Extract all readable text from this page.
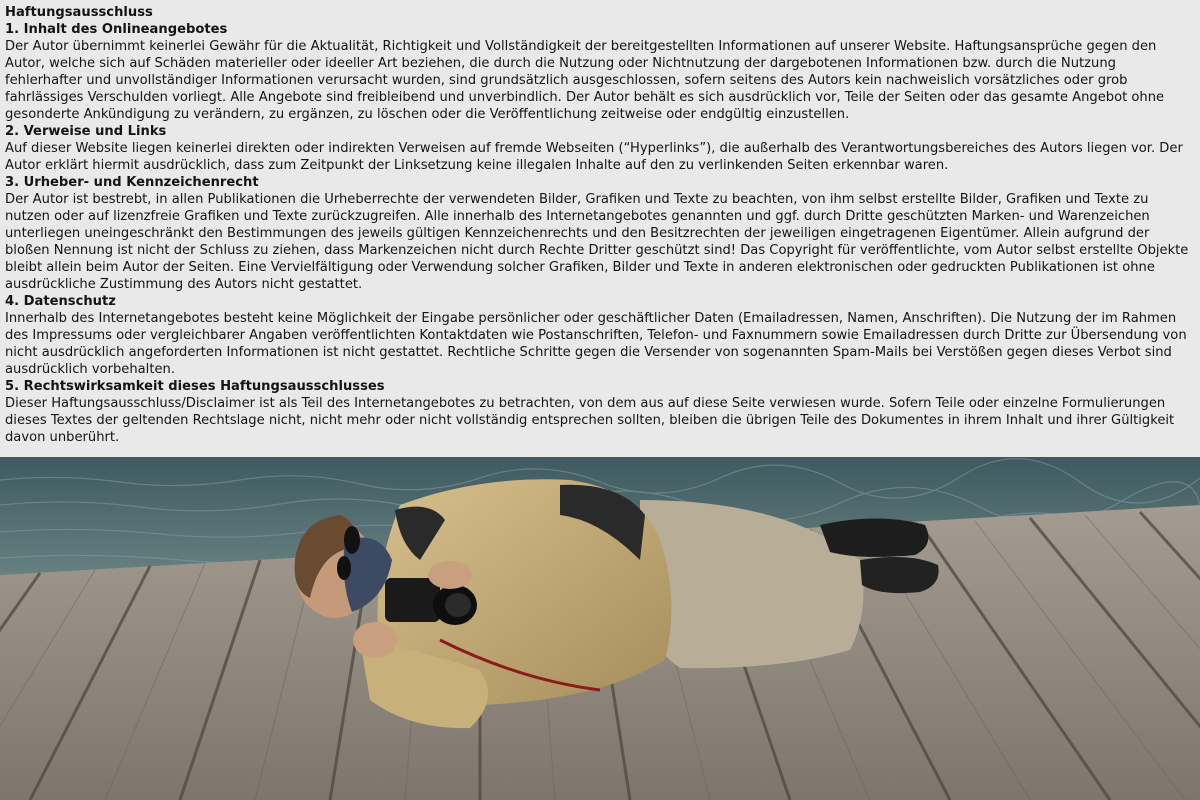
Haftungsausschluss
1. Inhalt des Onlineangebotes

Der Autor übernimmt keinerlei Gewähr für die Aktualität, Richtigkeit und Vollständigkeit der bereitgestellten Informationen auf unserer Website. Haftungsansprüche gegen den Autor, welche sich auf Schäden materieller oder ideeller Art beziehen, die durch die Nutzung oder Nichtnutzung der dargebotenen Informationen bzw. durch die Nutzung fehlerhafter und unvollständiger Informationen verursacht wurden, sind grundsätzlich ausgeschlossen, sofern seitens des Autors kein nachweislich vorsätzliches oder grob fahrlässiges Verschulden vorliegt. Alle Angebote sind freibleibend und unverbindlich. Der Autor behält es sich ausdrücklich vor, Teile der Seiten oder das gesamte Angebot ohne gesonderte Ankündigung zu verändern, zu ergänzen, zu löschen oder die Veröffentlichung zeitweise oder endgültig einzustellen.

2. Verweise und Links

Auf dieser Website liegen keinerlei direkten oder indirekten Verweisen auf fremde Webseiten (“Hyperlinks”), die außerhalb des Verantwortungsbereiches des Autors liegen vor. Der Autor erklärt hiermit ausdrücklich, dass zum Zeitpunkt der Linksetzung keine illegalen Inhalte auf den zu verlinkenden Seiten erkennbar waren.

3. Urheber- und Kennzeichenrecht

Der Autor ist bestrebt, in allen Publikationen die Urheberrechte der verwendeten Bilder, Grafiken und Texte zu beachten, von ihm selbst erstellte Bilder, Grafiken und Texte zu nutzen oder auf lizenzfreie Grafiken und Texte zurückzugreifen. Alle innerhalb des Internetangebotes genannten und ggf. durch Dritte geschützten Marken- und Warenzeichen unterliegen uneingeschränkt den Bestimmungen des jeweils gültigen Kennzeichenrechts und den Besitzrechten der jeweiligen eingetragenen Eigentümer. Allein aufgrund der bloßen Nennung ist nicht der Schluss zu ziehen, dass Markenzeichen nicht durch Rechte Dritter geschützt sind! Das Copyright für veröffentlichte, vom Autor selbst erstellte Objekte bleibt allein beim Autor der Seiten. Eine Vervielfältigung oder Verwendung solcher Grafiken, Bilder und Texte in anderen elektronischen oder gedruckten Publikationen ist ohne ausdrückliche Zustimmung des Autors nicht gestattet.

4. Datenschutz

Innerhalb des Internetangebotes besteht keine Möglichkeit der Eingabe persönlicher oder geschäftlicher Daten (Emailadressen, Namen, Anschriften). Die Nutzung der im Rahmen des Impressums oder vergleichbarer Angaben veröffentlichten Kontaktdaten wie Postanschriften, Telefon- und Faxnummern sowie Emailadressen durch Dritte zur Übersendung von nicht ausdrücklich angeforderten Informationen ist nicht gestattet. Rechtliche Schritte gegen die Versender von sogenannten Spam-Mails bei Verstößen gegen dieses Verbot sind ausdrücklich vorbehalten.

5. Rechtswirksamkeit dieses Haftungsausschlusses

Dieser Haftungsausschluss/Disclaimer ist als Teil des Internetangebotes zu betrachten, von dem aus auf diese Seite verwiesen wurde. Sofern Teile oder einzelne Formulierungen dieses Textes der geltenden Rechtslage nicht, nicht mehr oder nicht vollständig entsprechen sollten, bleiben die übrigen Teile des Dokumentes in ihrem Inhalt und ihrer Gültigkeit davon unberührt.
